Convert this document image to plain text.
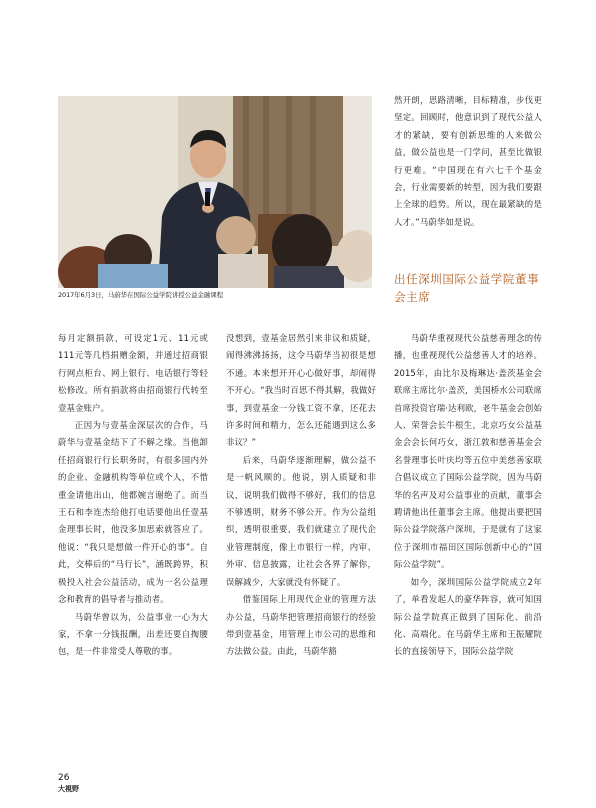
2017年6月3日，马蔚华在国际公益学院讲授公益金融课程

然开朗，思路清晰，目标精准，步伐更坚定。回顾时，他意识到了现代公益人才的紧缺，要有创新思维的人来做公益，做公益也是一门学问，甚至比做银行更难。“中国现在有六七千个基金会，行业需要新的转型，因为我们要跟上全球的趋势。所以，现在最紧缺的是人才。”马蔚华如是说。

出任深圳国际公益学院董事会主席

每月定额捐款，可设定1元、11元或111元等几档捐赠金额，并通过招商银行网点柜台、网上银行、电话银行等轻松修改。所有捐款将由招商银行代转至壹基金账户。

正因为与壹基金深层次的合作，马蔚华与壹基金结下了不解之缘。当他卸任招商银行行长职务时，有很多国内外的企业、金融机构等单位或个人，不惜重金请他出山，他都婉言谢绝了。而当王石和李连杰给他打电话要他出任壹基金理事长时，他没多加思索就答应了。他说：“我只是想做一件开心的事”。自此，交棒后的“马行长”，涵既跨界，积极投入社会公益活动，成为一名公益理念和教育的倡导者与推动者。

马蔚华曾以为，公益事业一心为大家，不拿一分钱报酬，出差还要自掏腰包，是一件非常受人尊敬的事。

没想到，壹基金居然引来非议和质疑，闹得沸沸扬扬，这令马蔚华当初很是想不通。本来想开开心心做好事，却闹得不开心。“我当时百思不得其解，我做好事，到壹基金一分钱工资不拿，还花去许多时间和精力，怎么还能遇到这么多非议？”

后来，马蔚华逐渐理解，做公益不是一帆风顺的。他说，别人质疑和非议，说明我们做得不够好，我们的信息不够透明，财务不够公开。作为公益组织，透明很重要，我们就建立了现代企业管理制度，像上市银行一样，内审、外审、信息披露，让社会各界了解你，误解减少，大家就没有怀疑了。

借鉴国际上用现代企业的管理方法办公益，马蔚华把管理招商银行的经验带到壹基金，用管理上市公司的思维和方法做公益。由此，马蔚华豁

马蔚华重视现代公益慈善理念的传播，也重视现代公益慈善人才的培养。2015年，由比尔及梅琳达·盖茨基金会联席主席比尔·盖茨，美国桥水公司联席首席投资官瑞·达利欧，老牛基金会创始人、荣誉会长牛根生，北京巧女公益基金会会长何巧女，浙江敦和慈善基金会名誉理事长叶庆均等五位中美慈善家联合倡议成立了国际公益学院，因为马蔚华的名声及对公益事业的贡献，董事会聘请他出任董事会主席。他提出要把国际公益学院落户深圳，于是就有了这家位于深圳市福田区国际创新中心的“国际公益学院”。

如今，深圳国际公益学院成立2年了，单看发起人的豪华阵容，就可知国际公益学院真正做到了国际化、前沿化、高端化。在马蔚华主席和王振耀院长的直接领导下，国际公益学院

26
大視野
